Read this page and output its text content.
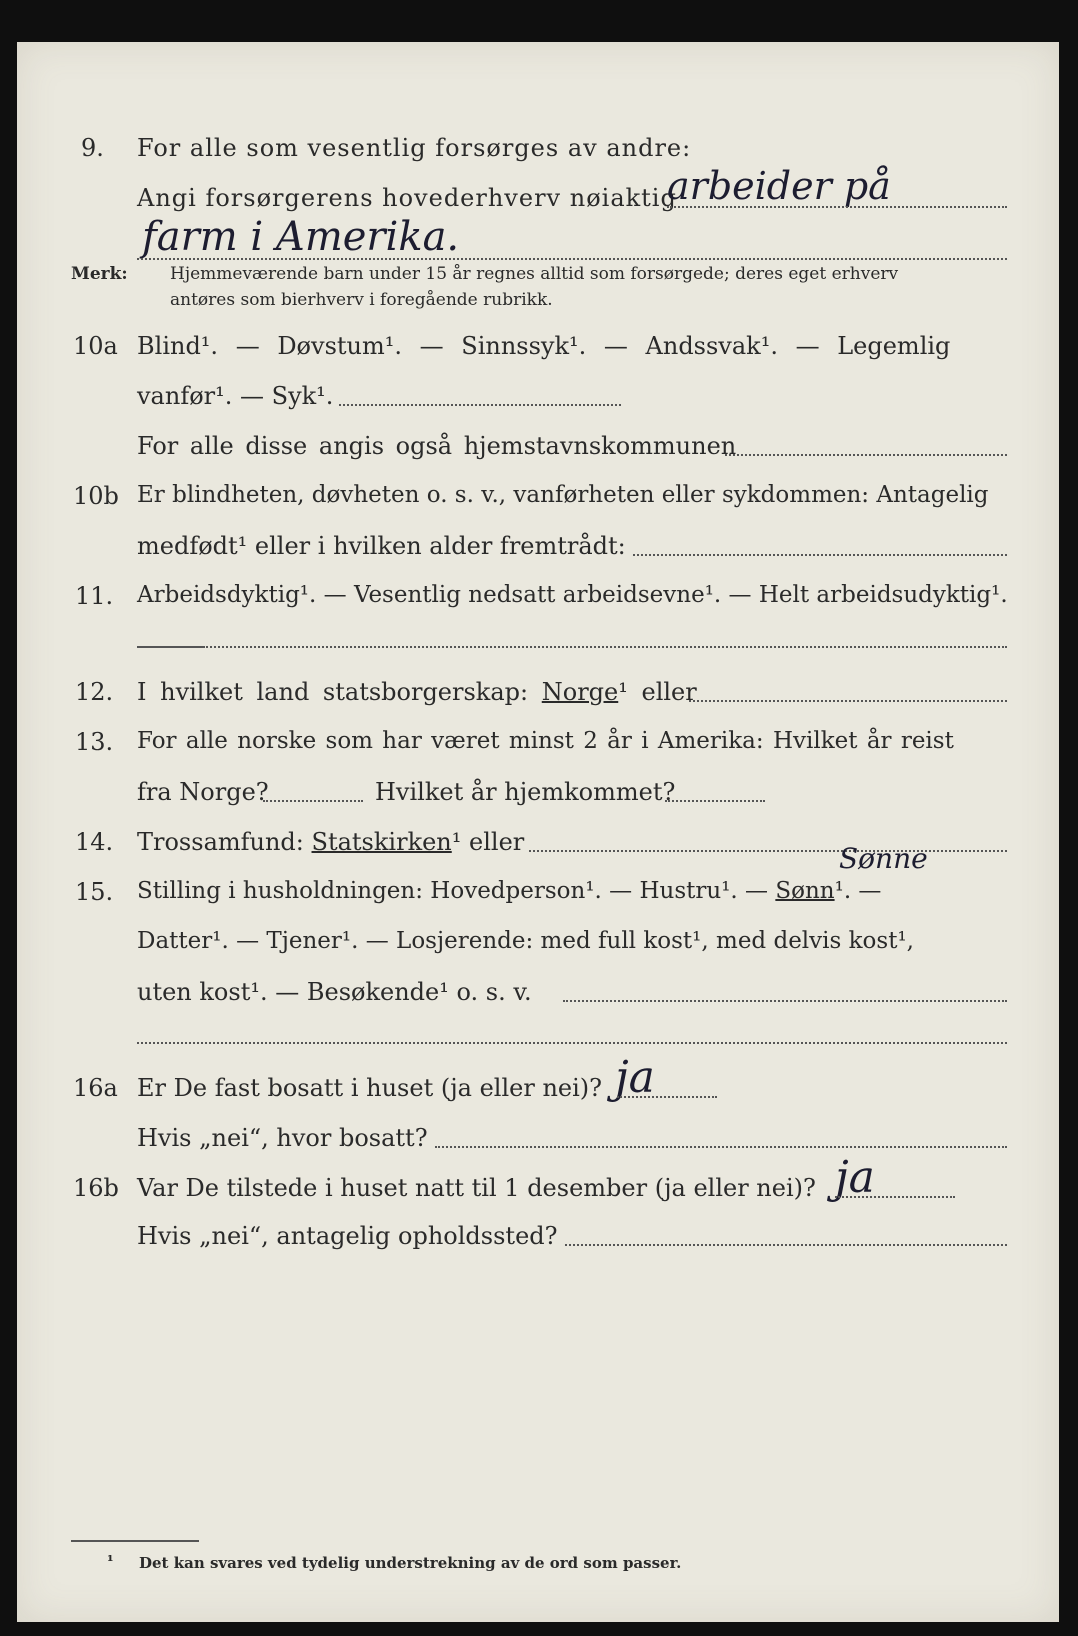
9. For alle som vesentlig forsørges av andre:
Angi forsørgerens hovederhverv nøiaktig
arbeider på
farm i Amerika.
Merk: Hjemmeværende barn under 15 år regnes alltid som forsørgede; deres eget erhverv
antøres som bierhverv i foregående rubrikk.
10a Blind¹. — Døvstum¹. — Sinnssyk¹. — Andssvak¹. — Legemlig
vanfør¹. — Syk¹.
For alle disse angis også hjemstavnskommunen
10b Er blindheten, døvheten o. s. v., vanførheten eller sykdommen: Antagelig
medfødt¹ eller i hvilken alder fremtrådt:
11. Arbeidsdyktig¹. — Vesentlig nedsatt arbeidsevne¹. — Helt arbeidsudyktig¹.
12. I hvilket land statsborgerskap: Norge¹ eller
13. For alle norske som har været minst 2 år i Amerika: Hvilket år reist
fra Norge?	Hvilket år hjemkommet?
14. Trossamfund: Statskirken¹ eller
15.
Sønne
Stilling i husholdningen: Hovedperson¹. — Hustru¹. — Sønn¹. —
Datter¹. — Tjener¹. — Losjerende: med full kost¹, med delvis kost¹,
uten kost¹. — Besøkende¹ o. s. v.
16a Er De fast bosatt i huset (ja eller nei)? ja
Hvis „nei“, hvor bosatt?
16b Var De tilstede i huset natt til 1 desember (ja eller nei)? ja
Hvis „nei“, antagelig opholdssted?
¹ Det kan svares ved tydelig understrekning av de ord som passer.
